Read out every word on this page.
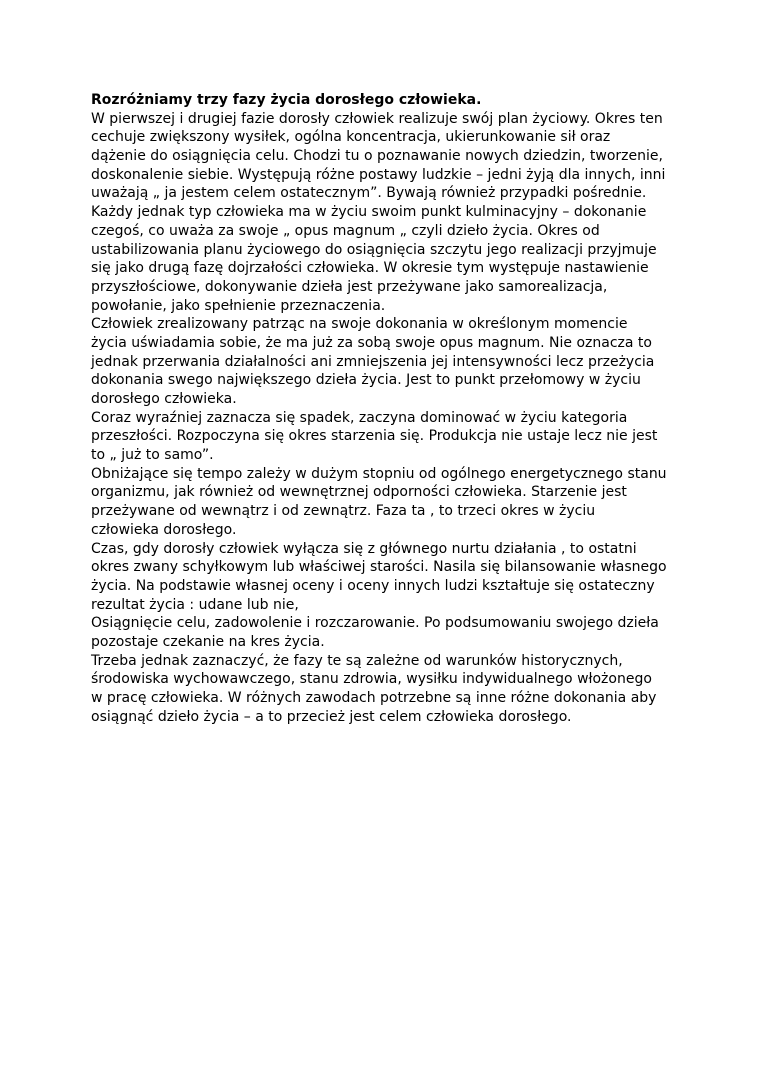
Rozróżniamy trzy fazy życia dorosłego człowieka.
W pierwszej i drugiej fazie dorosły człowiek realizuje swój plan życiowy. Okres ten
cechuje zwiększony wysiłek, ogólna koncentracja, ukierunkowanie sił oraz
dążenie do osiągnięcia celu. Chodzi tu o poznawanie nowych dziedzin, tworzenie,
doskonalenie siebie. Występują różne postawy ludzkie – jedni żyją dla innych, inni
uważają „ ja jestem celem ostatecznym”. Bywają również przypadki pośrednie.
Każdy jednak typ człowieka ma w życiu swoim punkt kulminacyjny – dokonanie
czegoś, co uważa za swoje „ opus magnum „ czyli dzieło życia. Okres od
ustabilizowania planu życiowego do osiągnięcia szczytu jego realizacji przyjmuje
się jako drugą fazę dojrzałości człowieka. W okresie tym występuje nastawienie
przyszłościowe, dokonywanie dzieła jest przeżywane jako samorealizacja,
powołanie, jako spełnienie przeznaczenia.
Człowiek zrealizowany patrząc na swoje dokonania w określonym momencie
życia uświadamia sobie, że ma już za sobą swoje opus magnum. Nie oznacza to
jednak przerwania działalności ani zmniejszenia jej intensywności lecz przeżycia
dokonania swego największego dzieła życia. Jest to punkt przełomowy w życiu
dorosłego człowieka.
Coraz wyraźniej zaznacza się spadek, zaczyna dominować w życiu kategoria
przeszłości. Rozpoczyna się okres starzenia się. Produkcja nie ustaje lecz nie jest
to „ już to samo”.
Obniżające się tempo zależy w dużym stopniu od ogólnego energetycznego stanu
organizmu, jak również od wewnętrznej odporności człowieka. Starzenie jest
przeżywane od wewnątrz i od zewnątrz. Faza ta , to trzeci okres w życiu
człowieka dorosłego.
Czas, gdy dorosły człowiek wyłącza się z głównego nurtu działania , to ostatni
okres zwany schyłkowym lub właściwej starości. Nasila się bilansowanie własnego
życia. Na podstawie własnej oceny i oceny innych ludzi kształtuje się ostateczny
rezultat życia : udane lub nie,
Osiągnięcie celu, zadowolenie i rozczarowanie. Po podsumowaniu swojego dzieła
pozostaje czekanie na kres życia.
Trzeba jednak zaznaczyć, że fazy te są zależne od warunków historycznych,
środowiska wychowawczego, stanu zdrowia, wysiłku indywidualnego włożonego
w pracę człowieka. W różnych zawodach potrzebne są inne różne dokonania aby
osiągnąć dzieło życia – a to przecież jest celem człowieka dorosłego.
